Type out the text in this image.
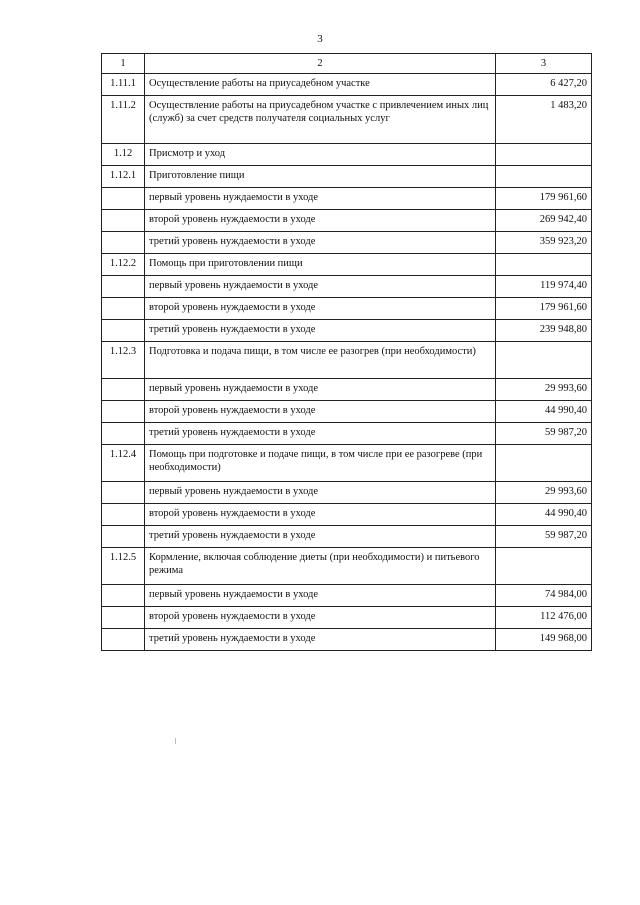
3
1	2	3
1.11.1	Осуществление работы на приусадебном участке	6 427,20
1.11.2	Осуществление работы на приусадебном участке с привлечением иных лиц (служб) за счет средств получателя социальных услуг	1 483,20
1.12	Присмотр и уход	
1.12.1	Приготовление пищи	
	первый уровень нуждаемости в уходе	179 961,60
	второй уровень нуждаемости в уходе	269 942,40
	третий уровень нуждаемости в уходе	359 923,20
1.12.2	Помощь при приготовлении пищи	
	первый уровень нуждаемости в уходе	119 974,40
	второй уровень нуждаемости в уходе	179 961,60
	третий уровень нуждаемости в уходе	239 948,80
1.12.3	Подготовка и подача пищи, в том числе ее разогрев (при необходимости)	
	первый уровень нуждаемости в уходе	29 993,60
	второй уровень нуждаемости в уходе	44 990,40
	третий уровень нуждаемости в уходе	59 987,20
1.12.4	Помощь при подготовке и подаче пищи, в том числе при ее разогреве (при необходимости)	
	первый уровень нуждаемости в уходе	29 993,60
	второй уровень нуждаемости в уходе	44 990,40
	третий уровень нуждаемости в уходе	59 987,20
1.12.5	Кормление, включая соблюдение диеты (при необходимости) и питьевого режима	
	первый уровень нуждаемости в уходе	74 984,00
	второй уровень нуждаемости в уходе	112 476,00
	третий уровень нуждаемости в уходе	149 968,00
